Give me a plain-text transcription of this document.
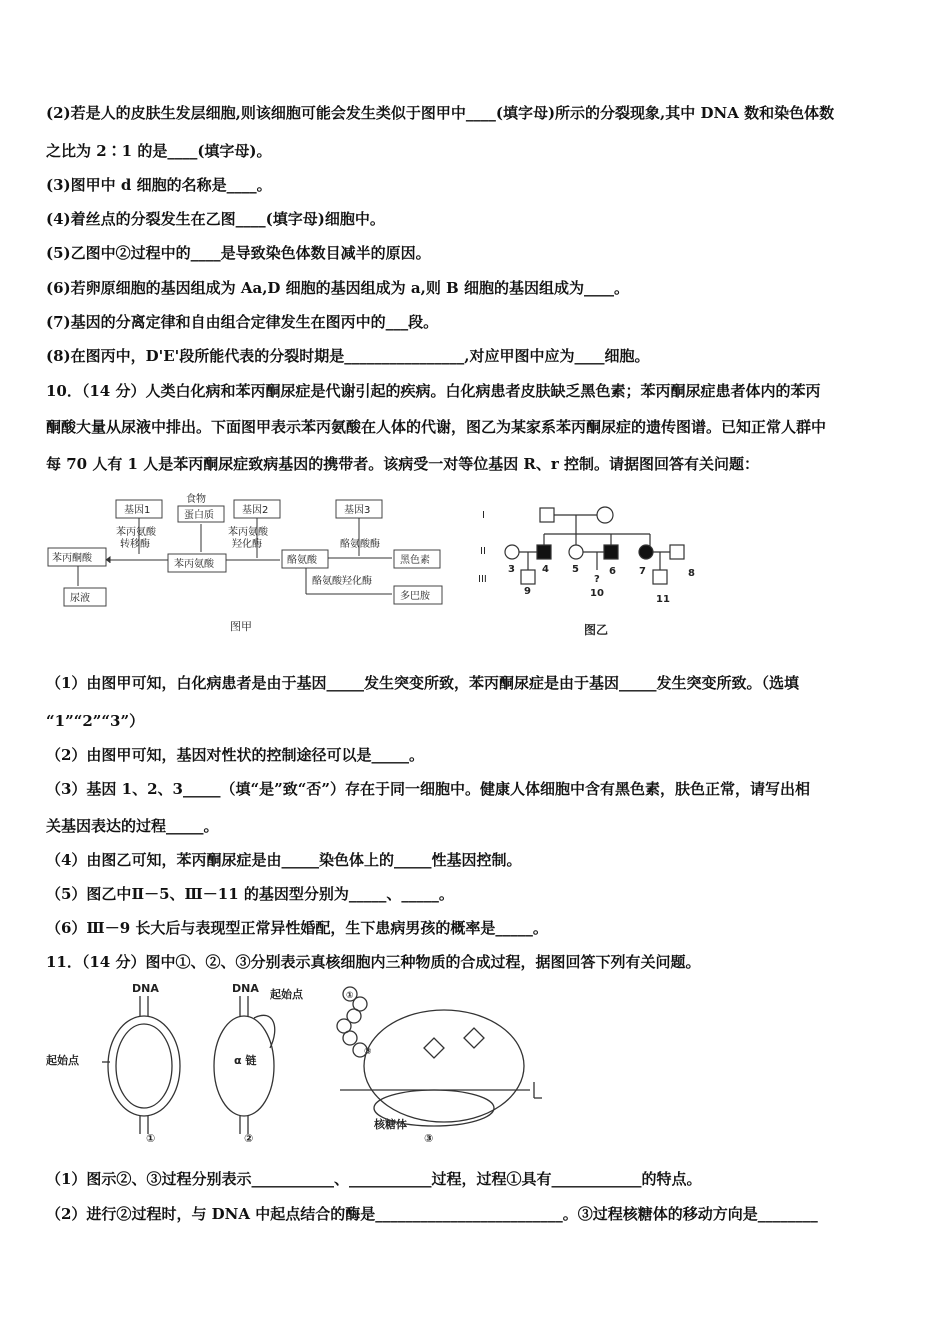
(2)若是人的皮肤生发层细胞,则该细胞可能会发生类似于图甲中____(填字母)所示的分裂现象,其中 DNA 数和染色体数
之比为 2∶1 的是____(填字母)。
(3)图甲中 d 细胞的名称是____。
(4)着丝点的分裂发生在乙图____(填字母)细胞中。
(5)乙图中②过程中的____是导致染色体数目减半的原因。
(6)若卵原细胞的基因组成为 Aa,D 细胞的基因组成为 a,则 B 细胞的基因组成为____。
(7)基因的分离定律和自由组合定律发生在图丙中的___段。
(8)在图丙中，D'E'段所能代表的分裂时期是________________,对应甲图中应为____细胞。
10．（14 分）人类白化病和苯丙酮尿症是代谢引起的疾病。白化病患者皮肤缺乏黑色素；苯丙酮尿症患者体内的苯丙
酮酸大量从尿液中排出。下面图甲表示苯丙氨酸在人体的代谢，图乙为某家系苯丙酮尿症的遗传图谱。已知正常人群中
每 70 人有 1 人是苯丙酮尿症致病基因的携带者。该病受一对等位基因 R、r 控制。请据图回答有关问题：
基因1
食物
蛋白质	基因2	基因3
苯丙氨酸
转移酶
苯丙氨酸
羟化酶	酪氨酸酶
苯丙酮酸
苯丙氨酸	酪氨酸	黑色素
尿液
酪氨酸羟化酶
多巴胺
图甲
I
II
III
3	4 5	6 7	8
9
?
10
11
图乙
（1）由图甲可知，白化病患者是由于基因_____发生突变所致，苯丙酮尿症是由于基因_____发生突变所致。（选填
“1”“2”“3”）
（2）由图甲可知，基因对性状的控制途径可以是_____。
（3）基因 1、2、3_____（填“是”致“否”）存在于同一细胞中。健康人体细胞中含有黑色素，肤色正常，请写出相
关基因表达的过程_____。
（4）由图乙可知，苯丙酮尿症是由_____染色体上的_____性基因控制。
（5）图乙中Ⅱ－5、Ⅲ－11 的基因型分别为_____、_____。
（6）Ⅲ－9 长大后与表现型正常异性婚配，生下患病男孩的概率是_____。
11．（14 分）图中①、②、③分别表示真核细胞内三种物质的合成过程，据图回答下列有关问题。
DNA	DNA 起始点
起始点	α 链
核糖体
①	②	③
①
⑧
（1）图示②、③过程分别表示___________、___________过程，过程①具有____________的特点。
（2）进行②过程时，与 DNA 中起点结合的酶是_________________________。③过程核糖体的移动方向是________
